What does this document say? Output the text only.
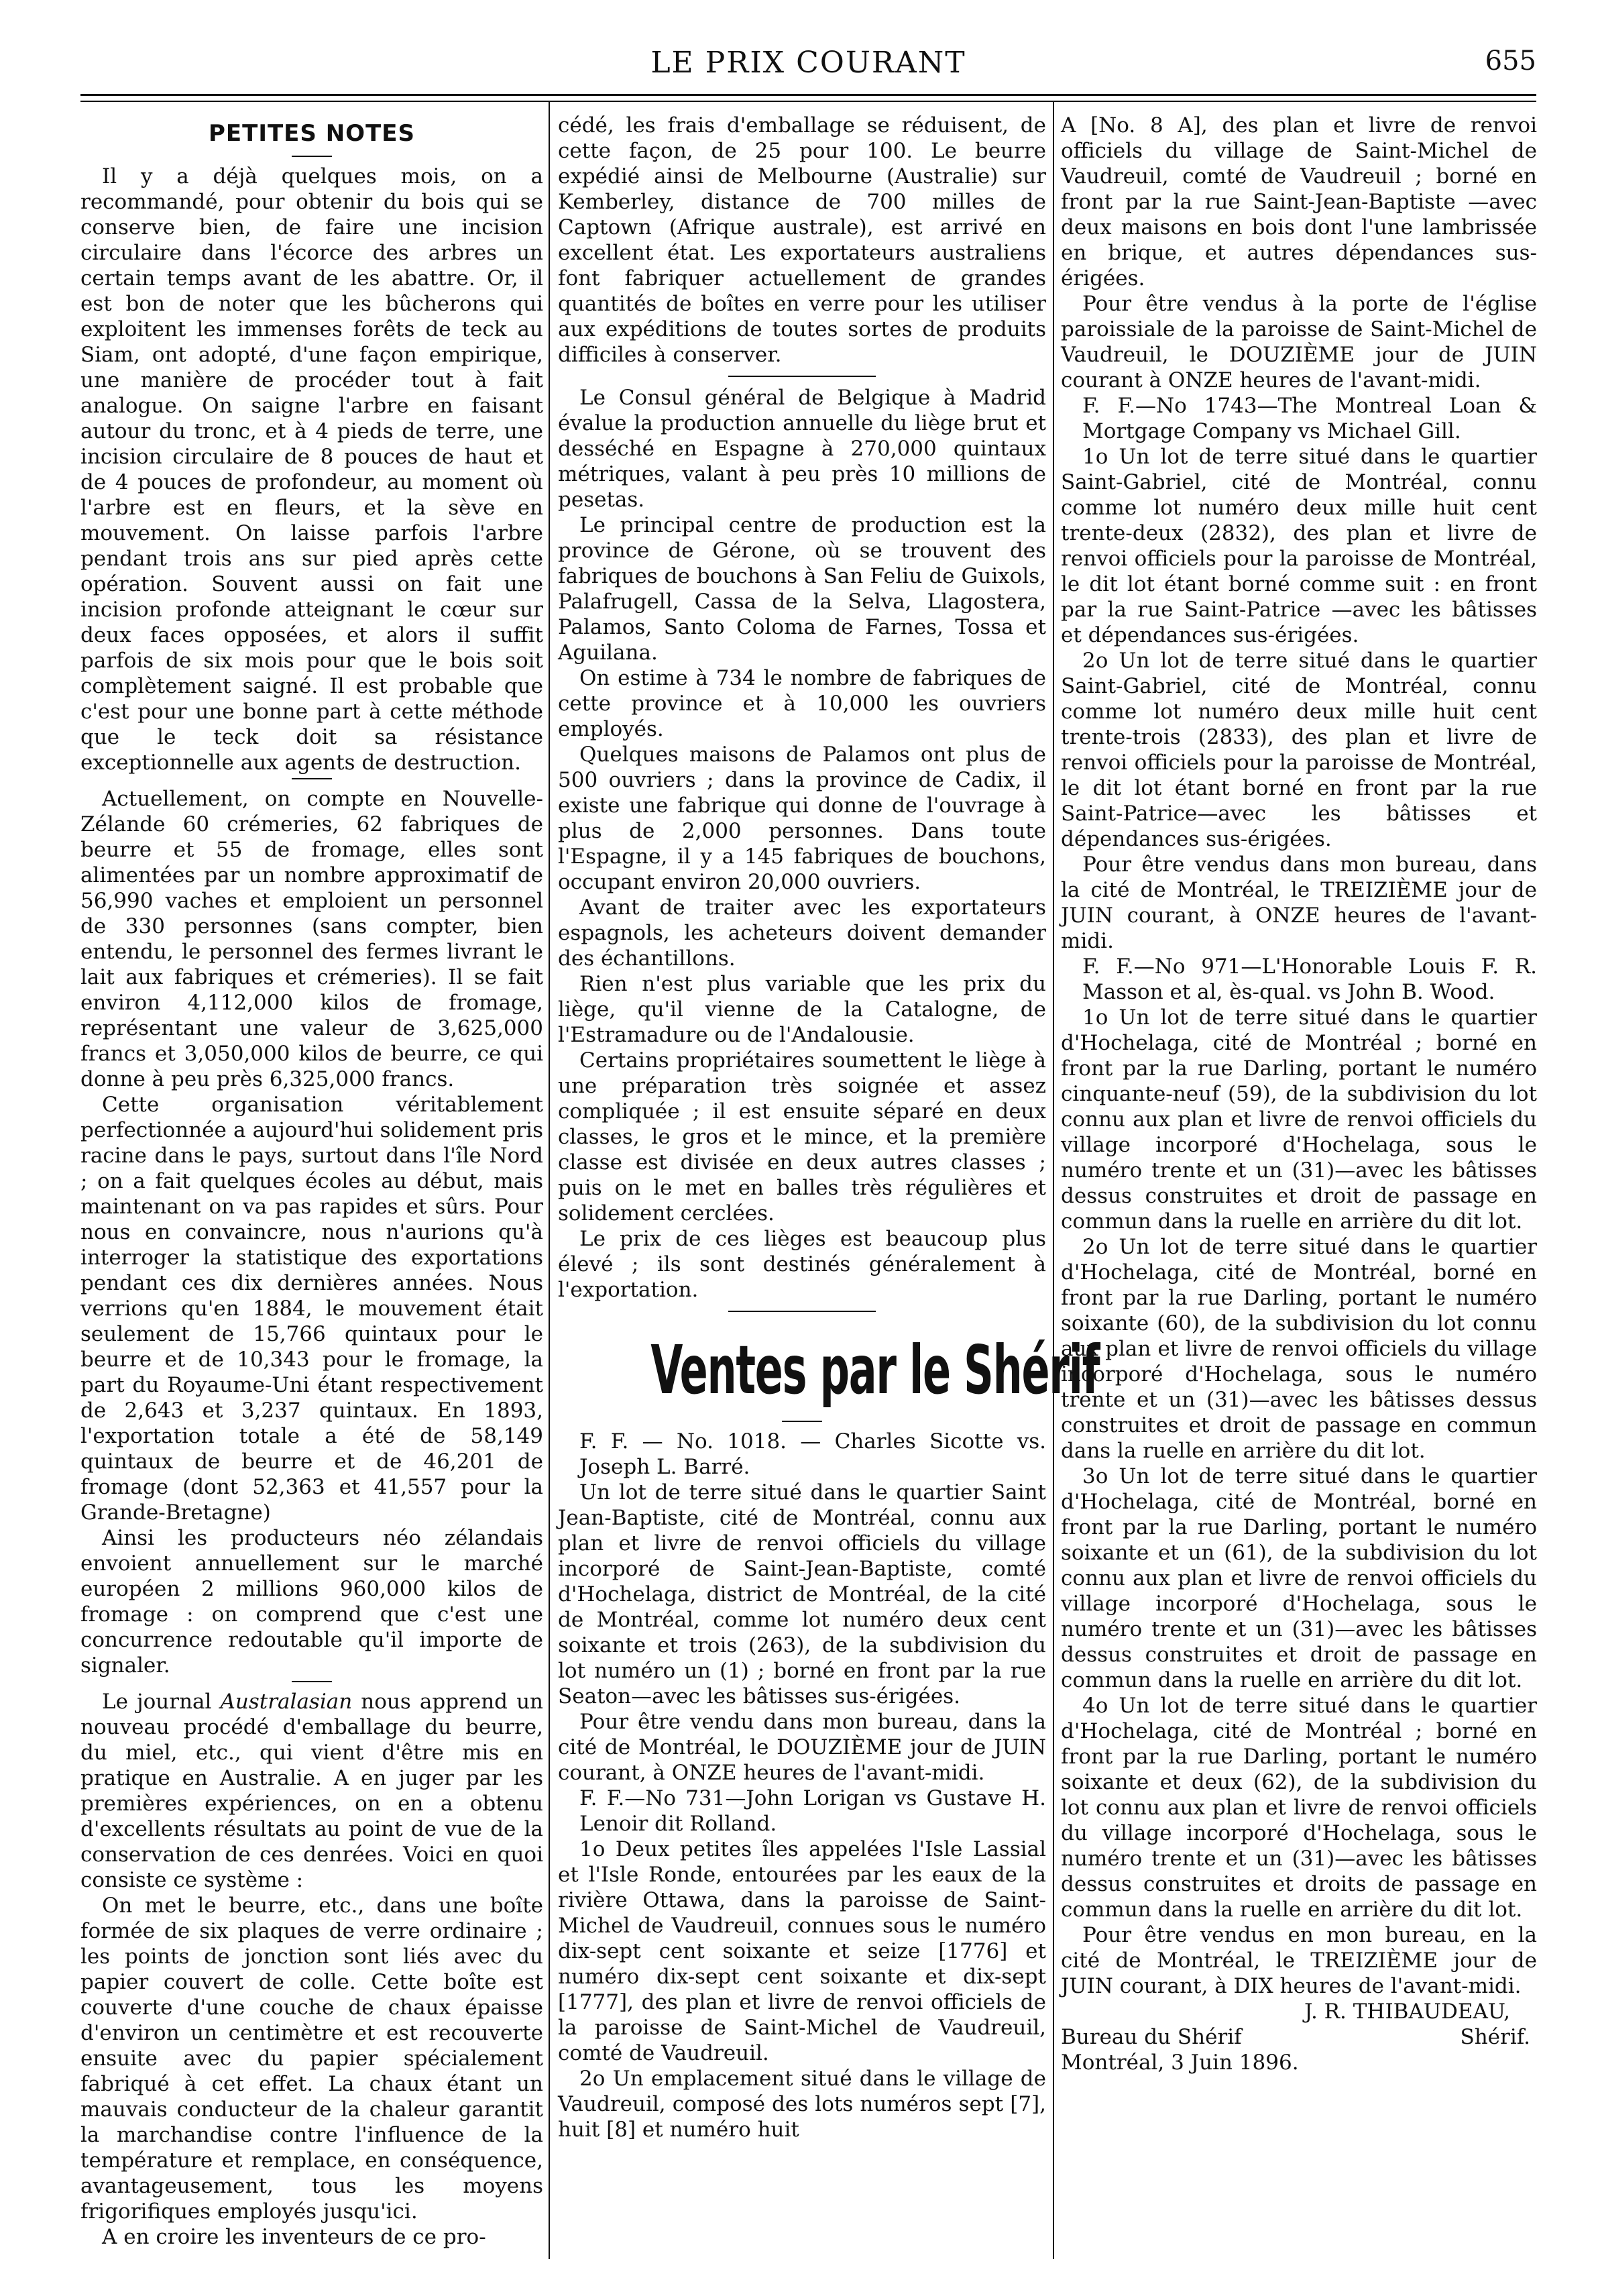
LE PRIX COURANT	655
PETITES NOTES

Il y a déjà quelques mois, on a recommandé, pour obtenir du bois qui se conserve bien, de faire une incision circulaire dans l'écorce des arbres un certain temps avant de les abattre. Or, il est bon de noter que les bûcherons qui exploitent les immenses forêts de teck au Siam, ont adopté, d'une façon empirique, une manière de procéder tout à fait analogue. On saigne l'arbre en faisant autour du tronc, et à 4 pieds de terre, une incision circulaire de 8 pouces de haut et de 4 pouces de profondeur, au moment où l'arbre est en fleurs, et la sève en mouvement. On laisse parfois l'arbre pendant trois ans sur pied après cette opération. Souvent aussi on fait une incision profonde atteignant le cœur sur deux faces opposées, et alors il suffit parfois de six mois pour que le bois soit complètement saigné. Il est probable que c'est pour une bonne part à cette méthode que le teck doit sa résistance exceptionnelle aux agents de destruction.

Actuellement, on compte en Nouvelle-Zélande 60 crémeries, 62 fabriques de beurre et 55 de fromage, elles sont alimentées par un nombre approximatif de 56,990 vaches et emploient un personnel de 330 personnes (sans compter, bien entendu, le personnel des fermes livrant le lait aux fabriques et crémeries). Il se fait environ 4,112,000 kilos de fromage, représentant une valeur de 3,625,000 francs et 3,050,000 kilos de beurre, ce qui donne à peu près 6,325,000 francs.

Cette organisation véritablement perfectionnée a aujourd'hui solidement pris racine dans le pays, surtout dans l'île Nord ; on a fait quelques écoles au début, mais maintenant on va pas rapides et sûrs. Pour nous en convaincre, nous n'aurions qu'à interroger la statistique des exportations pendant ces dix dernières années. Nous verrions qu'en 1884, le mouvement était seulement de 15,766 quintaux pour le beurre et de 10,343 pour le fromage, la part du Royaume-Uni étant respectivement de 2,643 et 3,237 quintaux. En 1893, l'exportation totale a été de 58,149 quintaux de beurre et de 46,201 de fromage (dont 52,363 et 41,557 pour la Grande-Bretagne)

Ainsi les producteurs néo zélandais envoient annuellement sur le marché européen 2 millions 960,000 kilos de fromage : on comprend que c'est une concurrence redoutable qu'il importe de signaler.

Le journal Australasian nous apprend un nouveau procédé d'emballage du beurre, du miel, etc., qui vient d'être mis en pratique en Australie. A en juger par les premières expériences, on en a obtenu d'excellents résultats au point de vue de la conservation de ces denrées. Voici en quoi consiste ce système :

On met le beurre, etc., dans une boîte formée de six plaques de verre ordinaire ; les points de jonction sont liés avec du papier couvert de colle. Cette boîte est couverte d'une couche de chaux épaisse d'environ un centimètre et est recouverte ensuite avec du papier spécialement fabriqué à cet effet. La chaux étant un mauvais conducteur de la chaleur garantit la marchandise contre l'influence de la température et remplace, en conséquence, avantageusement, tous les moyens frigorifiques employés jusqu'ici.

A en croire les inventeurs de ce pro-

cédé, les frais d'emballage se réduisent, de cette façon, de 25 pour 100. Le beurre expédié ainsi de Melbourne (Australie) sur Kemberley, distance de 700 milles de Captown (Afrique australe), est arrivé en excellent état. Les exportateurs australiens font fabriquer actuellement de grandes quantités de boîtes en verre pour les utiliser aux expéditions de toutes sortes de produits difficiles à conserver.

Le Consul général de Belgique à Madrid évalue la production annuelle du liège brut et desséché en Espagne à 270,000 quintaux métriques, valant à peu près 10 millions de pesetas.

Le principal centre de production est la province de Gérone, où se trouvent des fabriques de bouchons à San Feliu de Guixols, Palafrugell, Cassa de la Selva, Llagostera, Palamos, Santo Coloma de Farnes, Tossa et Aguilana.

On estime à 734 le nombre de fabriques de cette province et à 10,000 les ouvriers employés.

Quelques maisons de Palamos ont plus de 500 ouvriers ; dans la province de Cadix, il existe une fabrique qui donne de l'ouvrage à plus de 2,000 personnes. Dans toute l'Espagne, il y a 145 fabriques de bouchons, occupant environ 20,000 ouvriers.

Avant de traiter avec les exportateurs espagnols, les acheteurs doivent demander des échantillons.

Rien n'est plus variable que les prix du liège, qu'il vienne de la Catalogne, de l'Estramadure ou de l'Andalousie.

Certains propriétaires soumettent le liège à une préparation très soignée et assez compliquée ; il est ensuite séparé en deux classes, le gros et le mince, et la première classe est divisée en deux autres classes ; puis on le met en balles très régulières et solidement cerclées.

Le prix de ces lièges est beaucoup plus élevé ; ils sont destinés généralement à l'exportation.

Ventes par le Shérif

F. F. — No. 1018. — Charles Sicotte vs. Joseph L. Barré.

Un lot de terre situé dans le quartier Saint Jean-Baptiste, cité de Montréal, connu aux plan et livre de renvoi officiels du village incorporé de Saint-Jean-Baptiste, comté d'Hochelaga, district de Montréal, de la cité de Montréal, comme lot numéro deux cent soixante et trois (263), de la subdivision du lot numéro un (1) ; borné en front par la rue Seaton—avec les bâtisses sus-érigées.

Pour être vendu dans mon bureau, dans la cité de Montréal, le DOUZIÈME jour de JUIN courant, à ONZE heures de l'avant-midi.

F. F.—No 731—John Lorigan vs Gustave H. Lenoir dit Rolland.

1o Deux petites îles appelées l'Isle Lassial et l'Isle Ronde, entourées par les eaux de la rivière Ottawa, dans la paroisse de Saint-Michel de Vaudreuil, connues sous le numéro dix-sept cent soixante et seize [1776] et numéro dix-sept cent soixante et dix-sept [1777], des plan et livre de renvoi officiels de la paroisse de Saint-Michel de Vaudreuil, comté de Vaudreuil.

2o Un emplacement situé dans le village de Vaudreuil, composé des lots numéros sept [7], huit [8] et numéro huit

A [No. 8 A], des plan et livre de renvoi officiels du village de Saint-Michel de Vaudreuil, comté de Vaudreuil ; borné en front par la rue Saint-Jean-Baptiste —avec deux maisons en bois dont l'une lambrissée en brique, et autres dépendances sus-érigées.

Pour être vendus à la porte de l'église paroissiale de la paroisse de Saint-Michel de Vaudreuil, le DOUZIÈME jour de JUIN courant à ONZE heures de l'avant-midi.

F. F.—No 1743—The Montreal Loan & Mortgage Company vs Michael Gill.

1o Un lot de terre situé dans le quartier Saint-Gabriel, cité de Montréal, connu comme lot numéro deux mille huit cent trente-deux (2832), des plan et livre de renvoi officiels pour la paroisse de Montréal, le dit lot étant borné comme suit : en front par la rue Saint-Patrice —avec les bâtisses et dépendances sus-érigées.

2o Un lot de terre situé dans le quartier Saint-Gabriel, cité de Montréal, connu comme lot numéro deux mille huit cent trente-trois (2833), des plan et livre de renvoi officiels pour la paroisse de Montréal, le dit lot étant borné en front par la rue Saint-Patrice—avec les bâtisses et dépendances sus-érigées.

Pour être vendus dans mon bureau, dans la cité de Montréal, le TREIZIÈME jour de JUIN courant, à ONZE heures de l'avant-midi.

F. F.—No 971—L'Honorable Louis F. R. Masson et al, ès-qual. vs John B. Wood.

1o Un lot de terre situé dans le quartier d'Hochelaga, cité de Montréal ; borné en front par la rue Darling, portant le numéro cinquante-neuf (59), de la subdivision du lot connu aux plan et livre de renvoi officiels du village incorporé d'Hochelaga, sous le numéro trente et un (31)—avec les bâtisses dessus construites et droit de passage en commun dans la ruelle en arrière du dit lot.

2o Un lot de terre situé dans le quartier d'Hochelaga, cité de Montréal, borné en front par la rue Darling, portant le numéro soixante (60), de la subdivision du lot connu aux plan et livre de renvoi officiels du village incorporé d'Hochelaga, sous le numéro trente et un (31)—avec les bâtisses dessus construites et droit de passage en commun dans la ruelle en arrière du dit lot.

3o Un lot de terre situé dans le quartier d'Hochelaga, cité de Montréal, borné en front par la rue Darling, portant le numéro soixante et un (61), de la subdivision du lot connu aux plan et livre de renvoi officiels du village incorporé d'Hochelaga, sous le numéro trente et un (31)—avec les bâtisses dessus construites et droit de passage en commun dans la ruelle en arrière du dit lot.

4o Un lot de terre situé dans le quartier d'Hochelaga, cité de Montréal ; borné en front par la rue Darling, portant le numéro soixante et deux (62), de la subdivision du lot connu aux plan et livre de renvoi officiels du village incorporé d'Hochelaga, sous le numéro trente et un (31)—avec les bâtisses dessus construites et droits de passage en commun dans la ruelle en arrière du dit lot.

Pour être vendus en mon bureau, en la cité de Montréal, le TREIZIÈME jour de JUIN courant, à DIX heures de l'avant-midi.

J. R. THIBAUDEAU,

Bureau du Shérif	Shérif.

Montréal, 3 Juin 1896.
